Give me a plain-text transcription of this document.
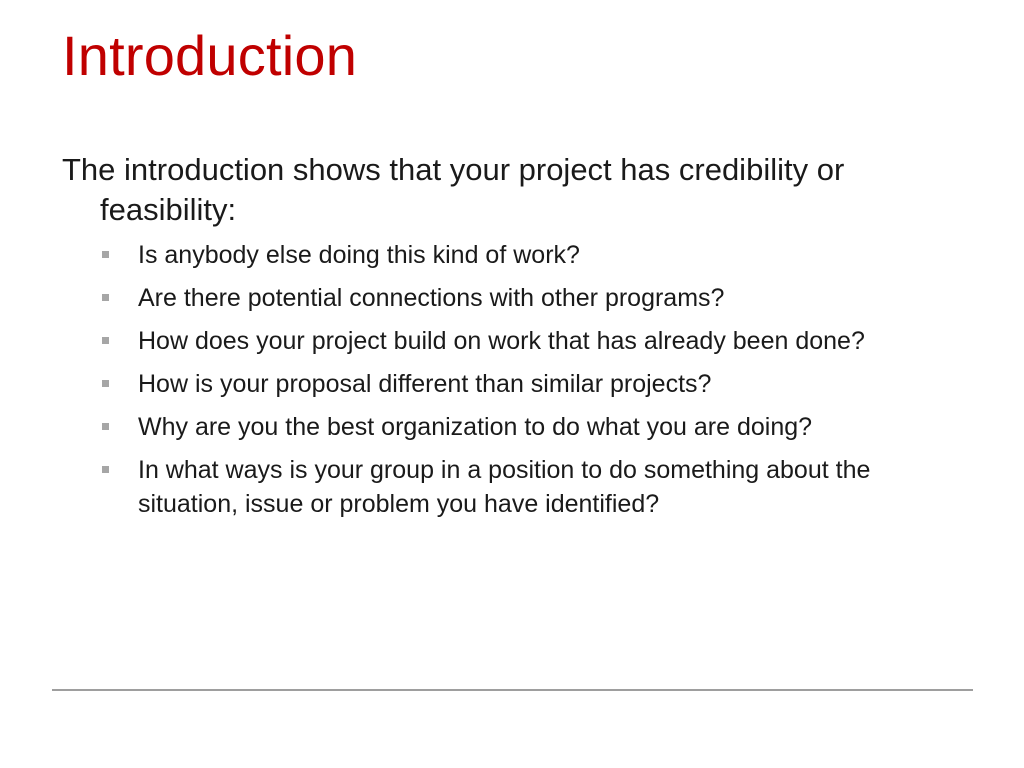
Introduction

The introduction shows that your project has credibility or feasibility:

Is anybody else doing this kind of work?
Are there potential connections with other programs?
How does your project build on work that has already been done?
How is your proposal different than similar projects?
Why are you the best organization to do what you are doing?
In what ways is your group in a position to do something about the situation, issue or problem you have identified?
